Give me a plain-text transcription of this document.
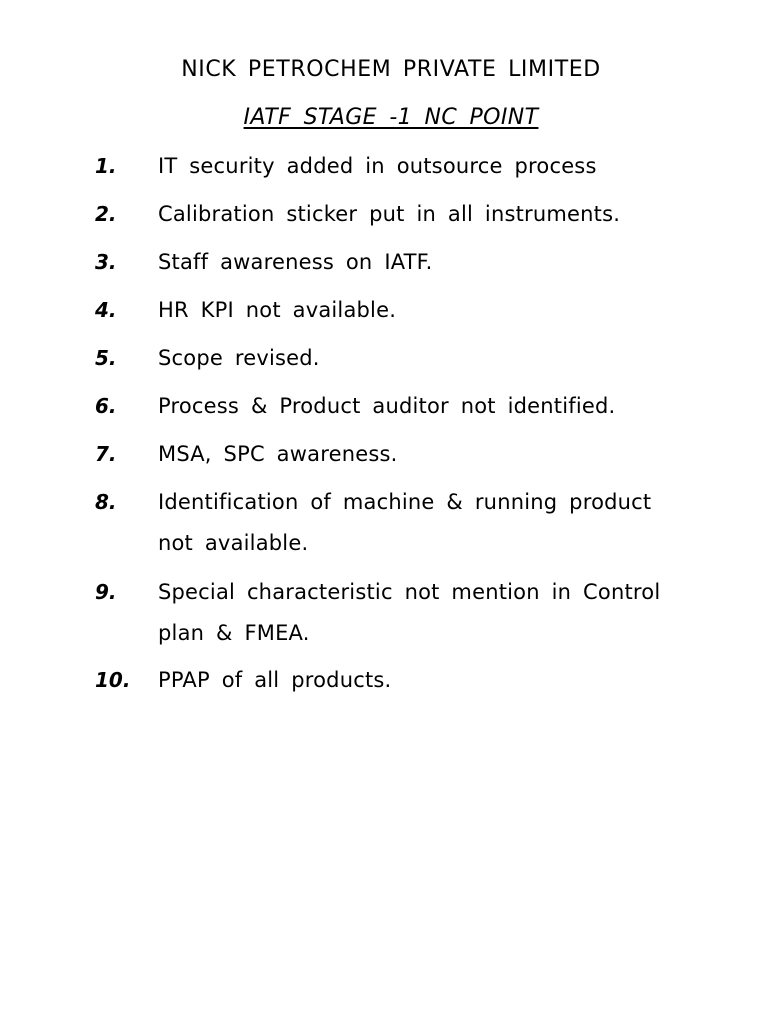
NICK PETROCHEM PRIVATE LIMITED
IATF STAGE -1 NC POINT
1. IT security added in outsource process
2. Calibration sticker put in all instruments.
3. Staff awareness on IATF.
4. HR KPI not available.
5. Scope revised.
6. Process & Product auditor not identified.
7. MSA, SPC awareness.
8. Identification of machine & running product not available.
9. Special characteristic not mention in Control plan & FMEA.
10. PPAP of all products.
